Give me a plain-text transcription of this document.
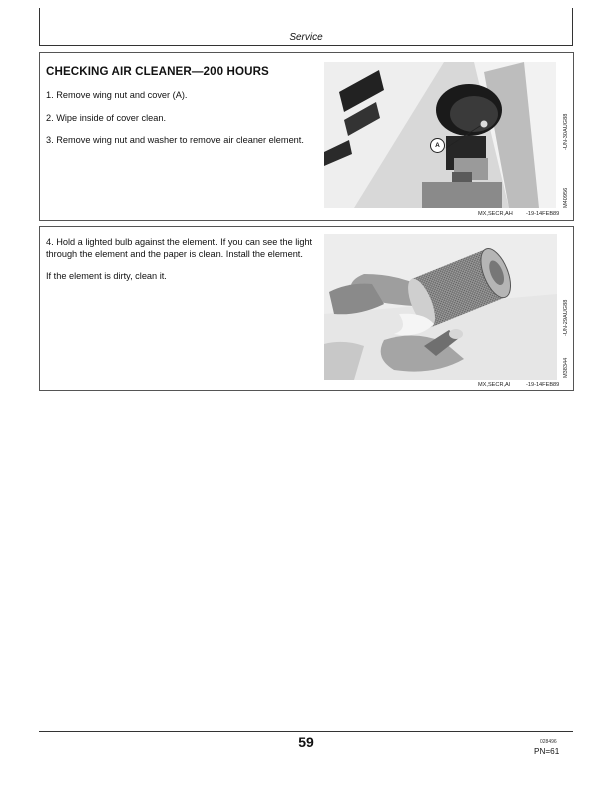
Service
CHECKING AIR CLEANER—200 HOURS

1. Remove wing nut and cover (A).

2. Wipe inside of cover clean.

3. Remove wing nut and washer to remove air cleaner element.

A	-UN-30AUG88
M40956
MX,SECR,AH -19-14FEB89

4. Hold a lighted bulb against the element. If you can see the light through the element and the paper is clean. Install the element.

If the element is dirty, clean it.

-UN-29AUG88
M38344
MX,SECR,AI	-19-14FEB89
59	028496
PN=61
